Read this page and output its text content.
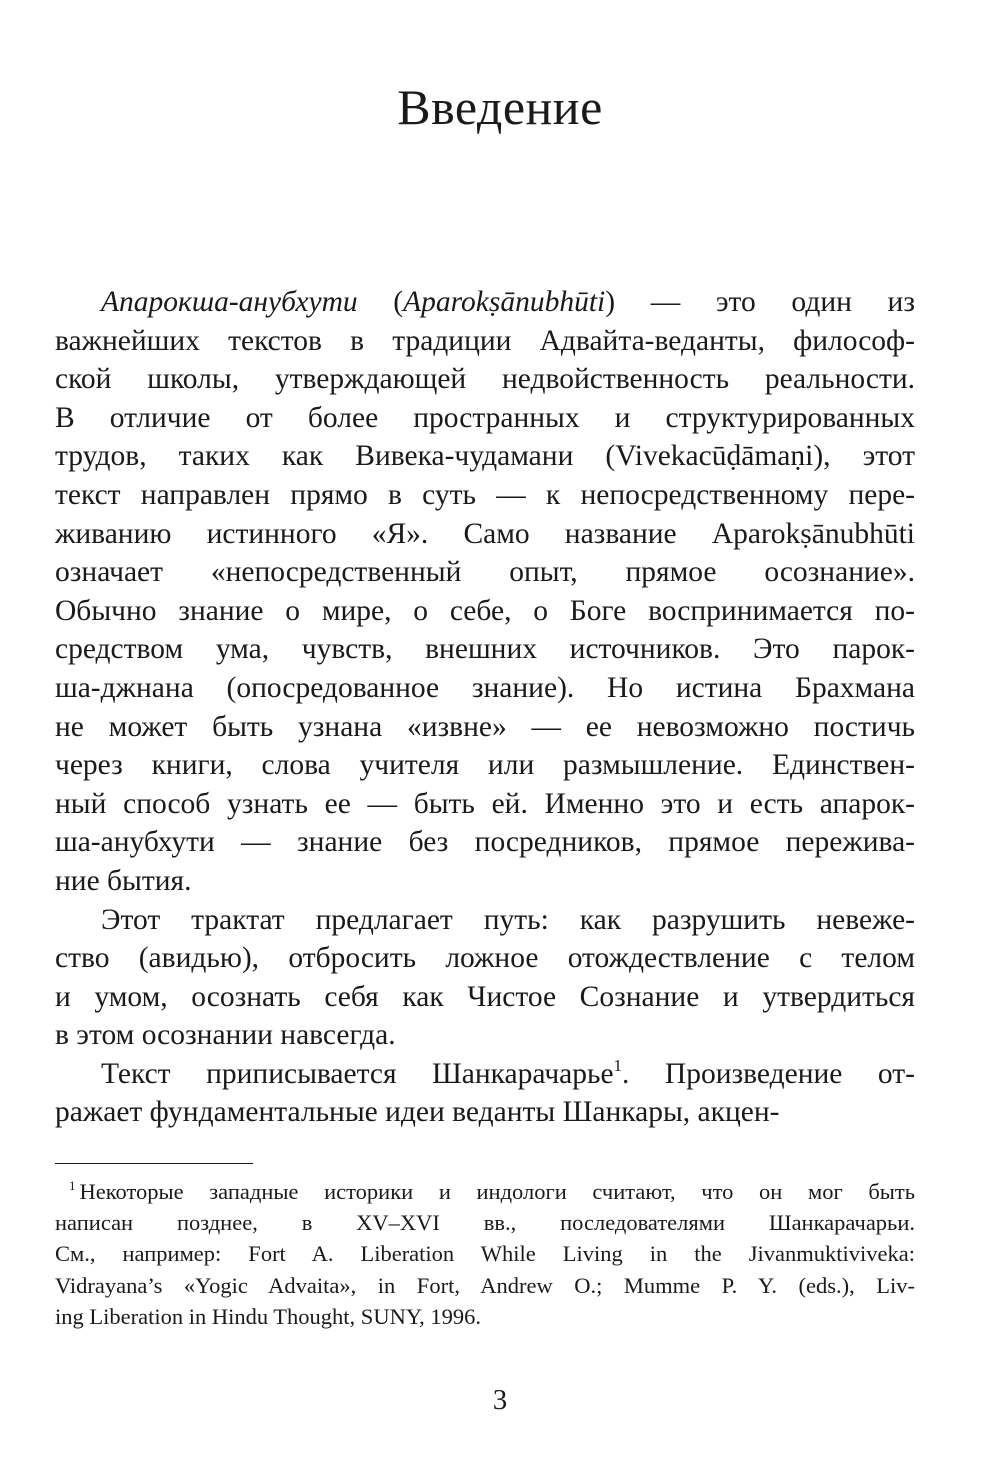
Введение
Апарокша-анубхути (Aparokṣānubhūti) — это один из
важнейших текстов в традиции Адвайта-веданты, философ-
ской школы, утверждающей недвойственность реальности.
В отличие от более пространных и структурированных
трудов, таких как Вивека-чудамани (Vivekacūḍāmaṇi), этот
текст направлен прямо в суть — к непосредственному пере-
живанию истинного «Я». Само название Aparokṣānubhūti
означает «непосредственный опыт, прямое осознание».
Обычно знание о мире, о себе, о Боге воспринимается по-
средством ума, чувств, внешних источников. Это парок-
ша-джнана (опосредованное знание). Но истина Брахмана
не может быть узнана «извне» — ее невозможно постичь
через книги, слова учителя или размышление. Единствен-
ный способ узнать ее — быть ей. Именно это и есть апарок-
ша-анубхути — знание без посредников, прямое пережива-
ние бытия.
Этот трактат предлагает путь: как разрушить невеже-
ство (авидью), отбросить ложное отождествление с телом
и умом, осознать себя как Чистое Сознание и утвердиться
в этом осознании навсегда.
Текст приписывается Шанкарачарье$^1$. Произведение от-
ражает фундаментальные идеи веданты Шанкары, акцен-
$^1$ Некоторые западные историки и индологи считают, что он мог быть
написан позднее, в XV–XVI вв., последователями Шанкарачарьи.
См., например: Fort A. Liberation While Living in the Jivanmuktiviveka:
Vidrayana’s «Yogic Advaita», in Fort, Andrew O.; Mumme P. Y. (eds.), Liv-
ing Liberation in Hindu Thought, SUNY, 1996.
3
